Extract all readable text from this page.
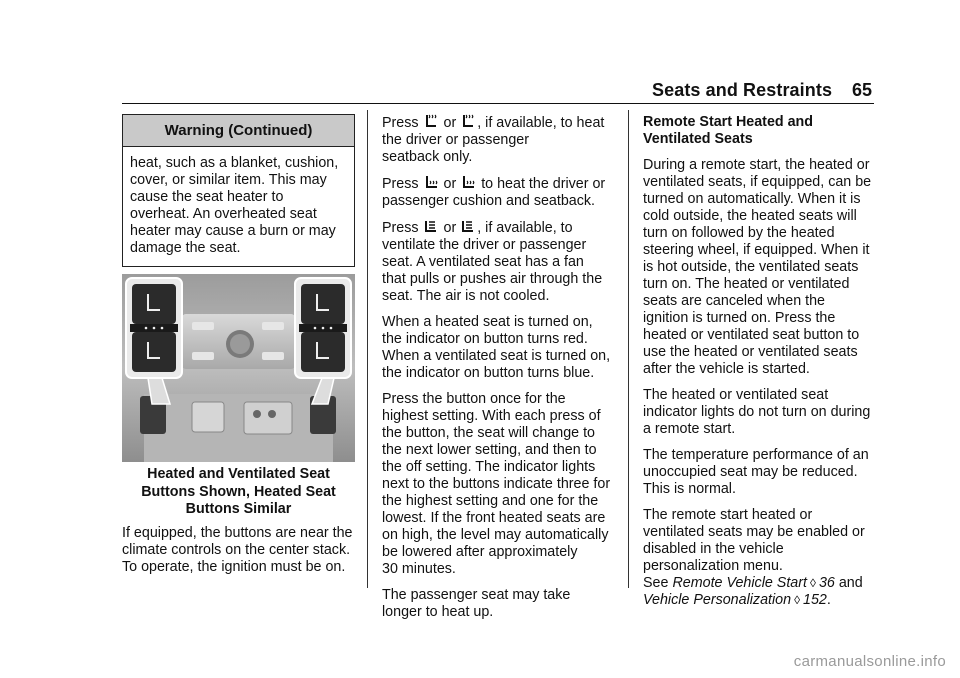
Seats and Restraints 65
Warning (Continued)
heat, such as a blanket, cushion,
cover, or similar item. This may
cause the seat heater to
overheat. An overheated seat
heater may cause a burn or may
damage the seat.
Heated and Ventilated Seat
Buttons Shown, Heated Seat
Buttons Similar
If equipped, the buttons are near the
climate controls on the center stack.
To operate, the ignition must be on.

Press or , if available, to heat
the driver or passenger
seatback only.

Press or to heat the driver or
passenger cushion and seatback.

Press or , if available, to
ventilate the driver or passenger
seat. A ventilated seat has a fan
that pulls or pushes air through the
seat. The air is not cooled.

When a heated seat is turned on,
the indicator on button turns red.
When a ventilated seat is turned on,
the indicator on button turns blue.

Press the button once for the
highest setting. With each press of
the button, the seat will change to
the next lower setting, and then to
the off setting. The indicator lights
next to the buttons indicate three for
the highest setting and one for the
lowest. If the front heated seats are
on high, the level may automatically
be lowered after approximately
30 minutes.

The passenger seat may take
longer to heat up.

Remote Start Heated and
Ventilated Seats

During a remote start, the heated or
ventilated seats, if equipped, can be
turned on automatically. When it is
cold outside, the heated seats will
turn on followed by the heated
steering wheel, if equipped. When it
is hot outside, the ventilated seats
turn on. The heated or ventilated
seats are canceled when the
ignition is turned on. Press the
heated or ventilated seat button to
use the heated or ventilated seats
after the vehicle is started.

The heated or ventilated seat
indicator lights do not turn on during
a remote start.

The temperature performance of an
unoccupied seat may be reduced.
This is normal.

The remote start heated or
ventilated seats may be enabled or
disabled in the vehicle
personalization menu.
See Remote Vehicle Start ◊ 36 and
Vehicle Personalization ◊ 152.

carmanualsonline.info
